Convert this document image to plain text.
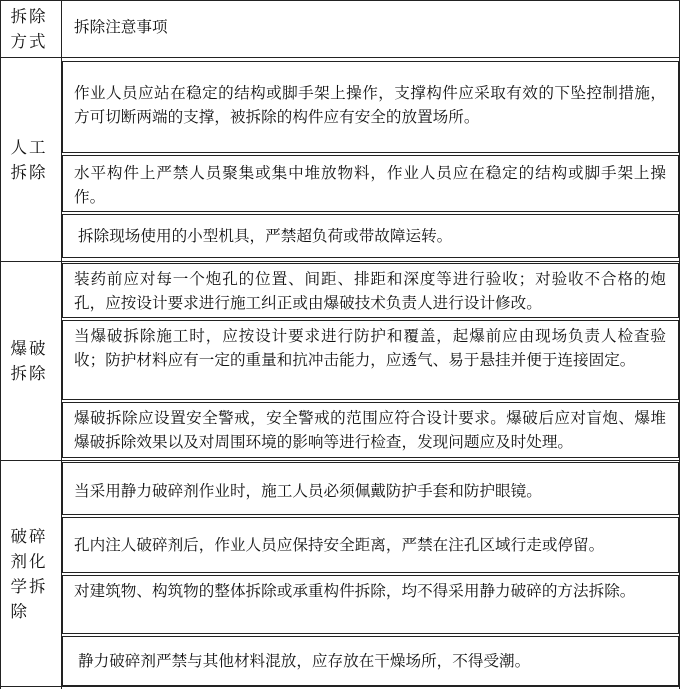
拆除方式
拆除注意事项
人工拆除
作业人员应站在稳定的结构或脚手架上操作，支撑构件应采取有效的下坠控制措施，方可切断两端的支撑，被拆除的构件应有安全的放置场所。
水平构件上严禁人员聚集或集中堆放物料，作业人员应在稳定的结构或脚手架上操作。
拆除现场使用的小型机具，严禁超负荷或带故障运转。
爆破拆除
装药前应对每一个炮孔的位置、间距、排距和深度等进行验收；对验收不合格的炮孔，应按设计要求进行施工纠正或由爆破技术负责人进行设计修改。
当爆破拆除施工时，应按设计要求进行防护和覆盖，起爆前应由现场负责人检查验收；防护材料应有一定的重量和抗冲击能力，应透气、易于悬挂并便于连接固定。
爆破拆除应设置安全警戒，安全警戒的范围应符合设计要求。爆破后应对盲炮、爆堆爆破拆除效果以及对周围环境的影响等进行检查，发现问题应及时处理。
破碎剂化学拆除
当采用静力破碎剂作业时，施工人员必须佩戴防护手套和防护眼镜。
孔内注人破碎剂后，作业人员应保持安全距离，严禁在注孔区域行走或停留。
对建筑物、构筑物的整体拆除或承重构件拆除，均不得采用静力破碎的方法拆除。
静力破碎剂严禁与其他材料混放，应存放在干燥场所，不得受潮。
